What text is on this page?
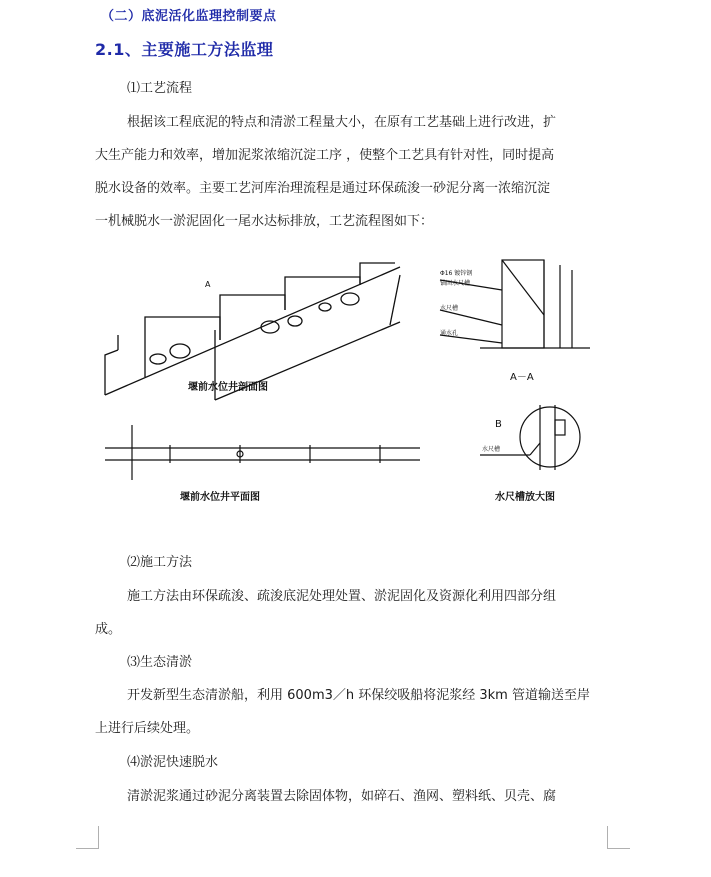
（二）底泥活化监理控制要点
2.1、主要施工方法监理
⑴工艺流程
根据该工程底泥的特点和清淤工程量大小，在原有工艺基础上进行改进，扩
大生产能力和效率，增加泥浆浓缩沉淀工序 ，使整个工艺具有针对性，同时提高
脱水设备的效率。主要工艺河库治理流程是通过环保疏浚一砂泥分离一浓缩沉淀
一机械脱水一淤泥固化一尾水达标排放，工艺流程图如下：
A
堰前水位井剖面图
Φ16 镀锌钢
锚固水尺槽
水尺槽
通水孔
A－A
堰前水位井平面图
B
水尺槽
水尺槽放大图
⑵施工方法
施工方法由环保疏浚、疏浚底泥处理处置、淤泥固化及资源化利用四部分组
成。
⑶生态清淤
开发新型生态清淤船，利用 600m3／h 环保绞吸船将泥浆经 3km 管道输送至岸
上进行后续处理。
⑷淤泥快速脱水
清淤泥浆通过砂泥分离装置去除固体物，如碎石、渔网、塑料纸、贝壳、腐
